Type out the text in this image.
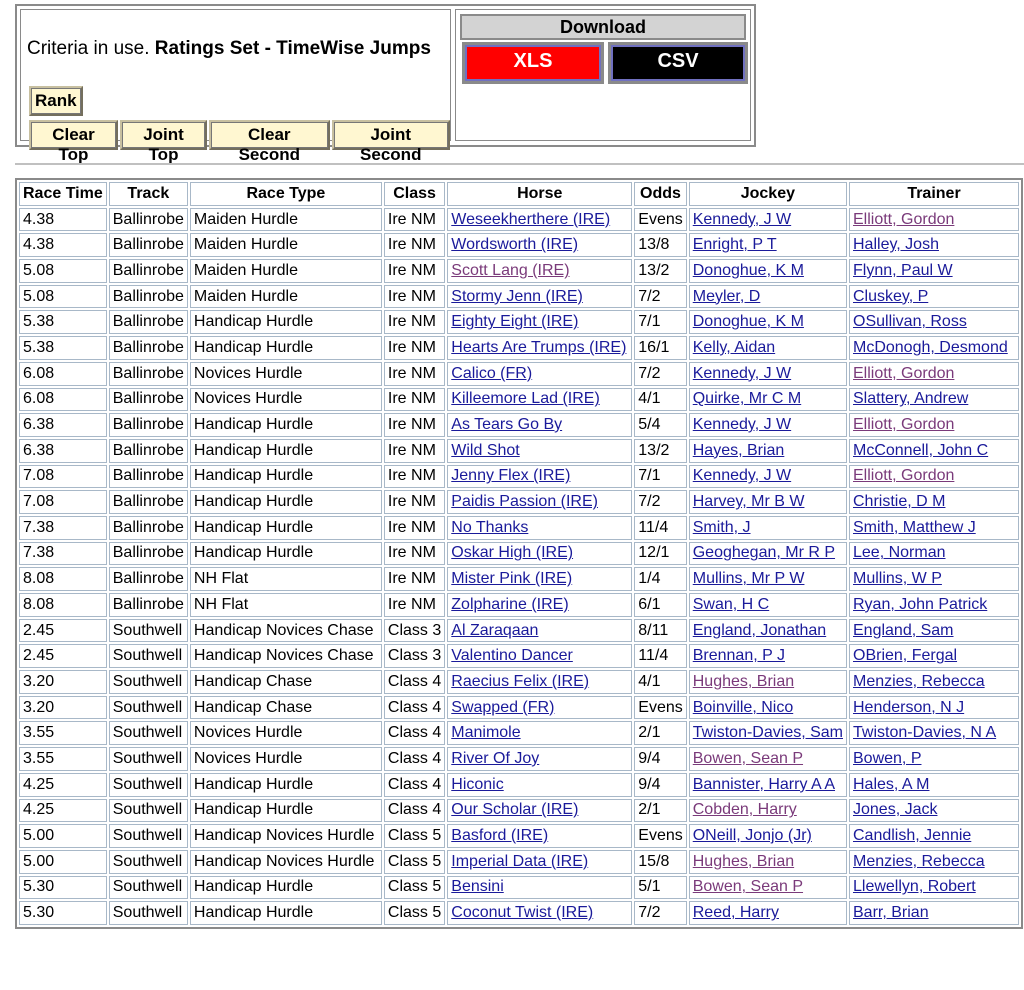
Criteria in use. Ratings Set - TimeWise Jumps
Rank
Clear Top
Joint Top
Clear Second
Joint Second
Download
XLS	CSV
Race Time	Track	Race Type	Class	Horse	Odds	Jockey	Trainer
4.38	Ballinrobe	Maiden Hurdle	Ire NM	Weseekherthere (IRE)	Evens	Kennedy, J W	Elliott, Gordon
4.38	Ballinrobe	Maiden Hurdle	Ire NM	Wordsworth (IRE)	13/8	Enright, P T	Halley, Josh
5.08	Ballinrobe	Maiden Hurdle	Ire NM	Scott Lang (IRE)	13/2	Donoghue, K M	Flynn, Paul W
5.08	Ballinrobe	Maiden Hurdle	Ire NM	Stormy Jenn (IRE)	7/2	Meyler, D	Cluskey, P
5.38	Ballinrobe	Handicap Hurdle	Ire NM	Eighty Eight (IRE)	7/1	Donoghue, K M	OSullivan, Ross
5.38	Ballinrobe	Handicap Hurdle	Ire NM	Hearts Are Trumps (IRE)	16/1	Kelly, Aidan	McDonogh, Desmond
6.08	Ballinrobe	Novices Hurdle	Ire NM	Calico (FR)	7/2	Kennedy, J W	Elliott, Gordon
6.08	Ballinrobe	Novices Hurdle	Ire NM	Killeemore Lad (IRE)	4/1	Quirke, Mr C M	Slattery, Andrew
6.38	Ballinrobe	Handicap Hurdle	Ire NM	As Tears Go By	5/4	Kennedy, J W	Elliott, Gordon
6.38	Ballinrobe	Handicap Hurdle	Ire NM	Wild Shot	13/2	Hayes, Brian	McConnell, John C
7.08	Ballinrobe	Handicap Hurdle	Ire NM	Jenny Flex (IRE)	7/1	Kennedy, J W	Elliott, Gordon
7.08	Ballinrobe	Handicap Hurdle	Ire NM	Paidis Passion (IRE)	7/2	Harvey, Mr B W	Christie, D M
7.38	Ballinrobe	Handicap Hurdle	Ire NM	No Thanks	11/4	Smith, J	Smith, Matthew J
7.38	Ballinrobe	Handicap Hurdle	Ire NM	Oskar High (IRE)	12/1	Geoghegan, Mr R P	Lee, Norman
8.08	Ballinrobe	NH Flat	Ire NM	Mister Pink (IRE)	1/4	Mullins, Mr P W	Mullins, W P
8.08	Ballinrobe	NH Flat	Ire NM	Zolpharine (IRE)	6/1	Swan, H C	Ryan, John Patrick
2.45	Southwell	Handicap Novices Chase	Class 3	Al Zaraqaan	8/11	England, Jonathan	England, Sam
2.45	Southwell	Handicap Novices Chase	Class 3	Valentino Dancer	11/4	Brennan, P J	OBrien, Fergal
3.20	Southwell	Handicap Chase	Class 4	Raecius Felix (IRE)	4/1	Hughes, Brian	Menzies, Rebecca
3.20	Southwell	Handicap Chase	Class 4	Swapped (FR)	Evens	Boinville, Nico	Henderson, N J
3.55	Southwell	Novices Hurdle	Class 4	Manimole	2/1	Twiston-Davies, Sam	Twiston-Davies, N A
3.55	Southwell	Novices Hurdle	Class 4	River Of Joy	9/4	Bowen, Sean P	Bowen, P
4.25	Southwell	Handicap Hurdle	Class 4	Hiconic	9/4	Bannister, Harry A A	Hales, A M
4.25	Southwell	Handicap Hurdle	Class 4	Our Scholar (IRE)	2/1	Cobden, Harry	Jones, Jack
5.00	Southwell	Handicap Novices Hurdle	Class 5	Basford (IRE)	Evens	ONeill, Jonjo (Jr)	Candlish, Jennie
5.00	Southwell	Handicap Novices Hurdle	Class 5	Imperial Data (IRE)	15/8	Hughes, Brian	Menzies, Rebecca
5.30	Southwell	Handicap Hurdle	Class 5	Bensini	5/1	Bowen, Sean P	Llewellyn, Robert
5.30	Southwell	Handicap Hurdle	Class 5	Coconut Twist (IRE)	7/2	Reed, Harry	Barr, Brian
